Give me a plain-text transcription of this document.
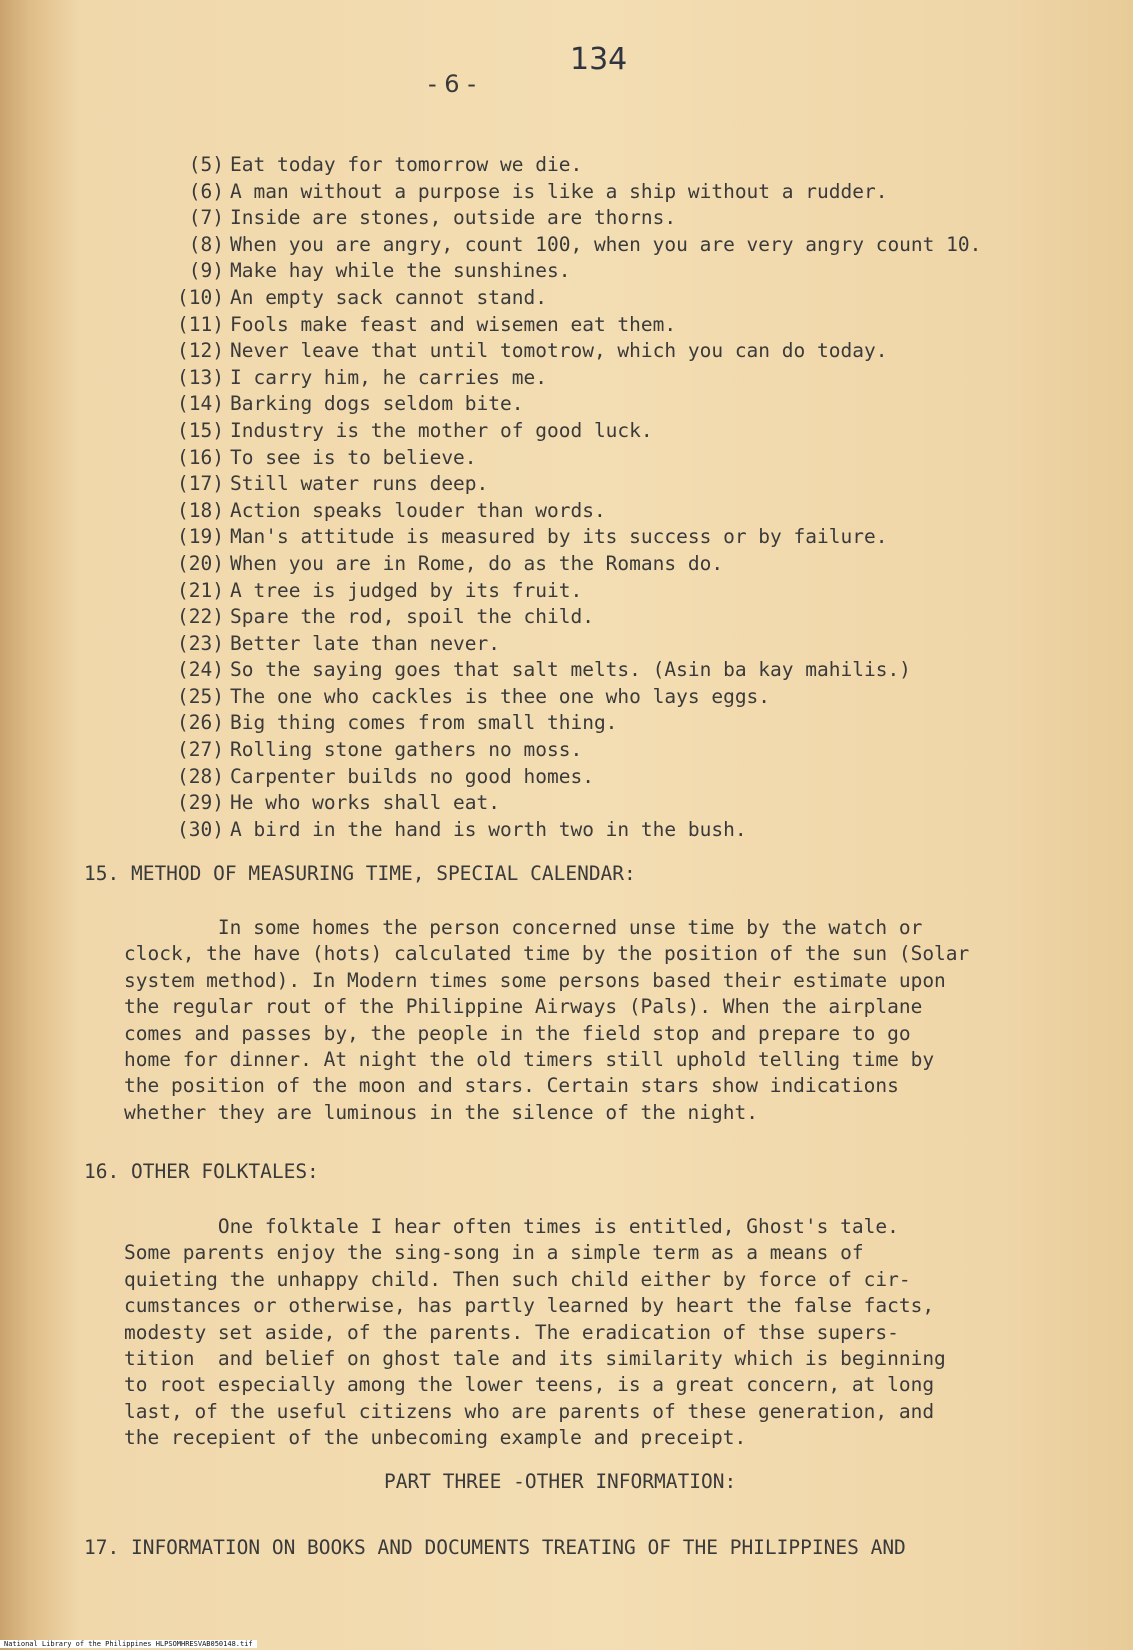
134
- 6 -
(5) Eat today for tomorrow we die.
(6) A man without a purpose is like a ship without a rudder.
(7) Inside are stones, outside are thorns.
(8) When you are angry, count 100, when you are very angry count 10.
(9) Make hay while the sunshines.
(10) An empty sack cannot stand.
(11) Fools make feast and wisemen eat them.
(12) Never leave that until tomotrow, which you can do today.
(13) I carry him, he carries me.
(14) Barking dogs seldom bite.
(15) Industry is the mother of good luck.
(16) To see is to believe.
(17) Still water runs deep.
(18) Action speaks louder than words.
(19) Man's attitude is measured by its success or by failure.
(20) When you are in Rome, do as the Romans do.
(21) A tree is judged by its fruit.
(22) Spare the rod, spoil the child.
(23) Better late than never.
(24) So the saying goes that salt melts. (Asin ba kay mahilis.)
(25) The one who cackles is thee one who lays eggs.
(26) Big thing comes from small thing.
(27) Rolling stone gathers no moss.
(28) Carpenter builds no good homes.
(29) He who works shall eat.
(30) A bird in the hand is worth two in the bush.
15. METHOD OF MEASURING TIME, SPECIAL CALENDAR:
In some homes the person concerned unse time by the watch or
clock, the have (hots) calculated time by the position of the sun (Solar
system method). In Modern times some persons based their estimate upon
the regular rout of the Philippine Airways (Pals). When the airplane
comes and passes by, the people in the field stop and prepare to go
home for dinner. At night the old timers still uphold telling time by
the position of the moon and stars. Certain stars show indications
whether they are luminous in the silence of the night.
16. OTHER FOLKTALES:
One folktale I hear often times is entitled, Ghost's tale.
Some parents enjoy the sing-song in a simple term as a means of
quieting the unhappy child. Then such child either by force of cir-
cumstances or otherwise, has partly learned by heart the false facts,
modesty set aside, of the parents. The eradication of thse supers-
tition  and belief on ghost tale and its similarity which is beginning
to root especially among the lower teens, is a great concern, at long
last, of the useful citizens who are parents of these generation, and
the recepient of the unbecoming example and preceipt.
PART THREE -OTHER INFORMATION:
17. INFORMATION ON BOOKS AND DOCUMENTS TREATING OF THE PHILIPPINES AND
National Library of the Philippines HLPSOMHRESVAB050148.tif
